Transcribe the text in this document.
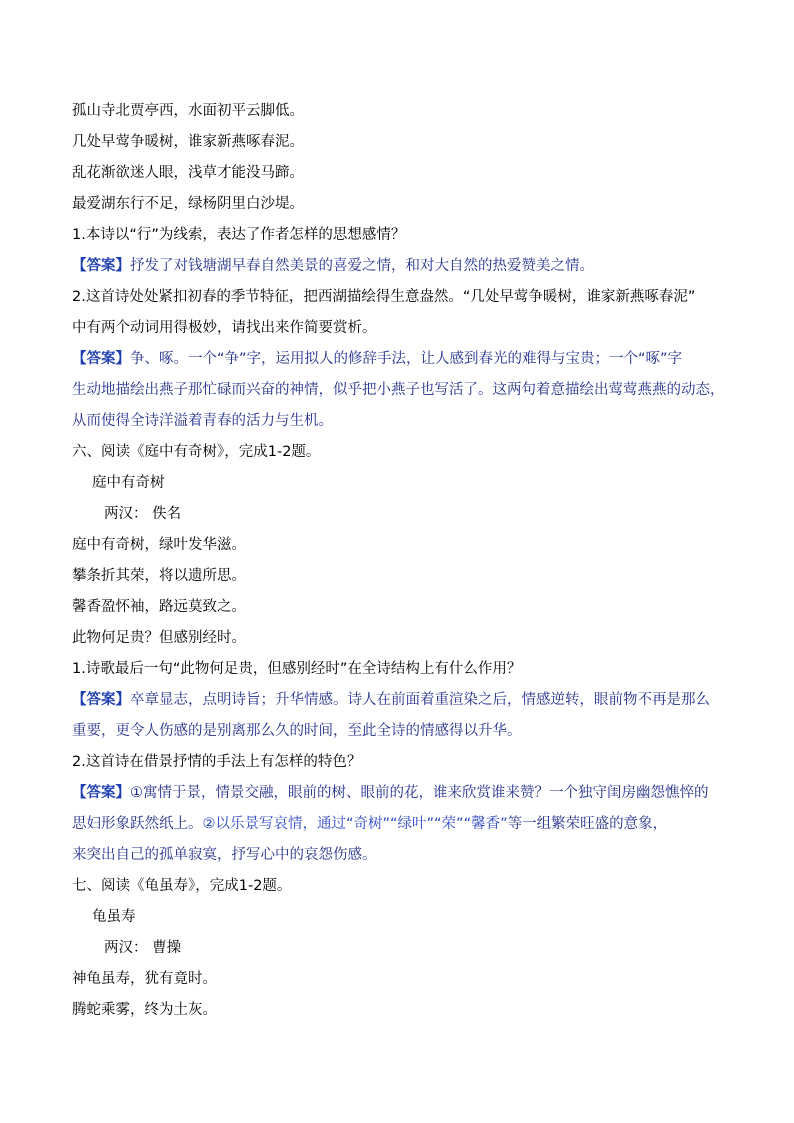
孤山寺北贾亭西，水面初平云脚低。
几处早莺争暖树，谁家新燕啄春泥。
乱花渐欲迷人眼，浅草才能没马蹄。
最爱湖东行不足，绿杨阴里白沙堤。
1.本诗以“行”为线索，表达了作者怎样的思想感情？
【答案】抒发了对钱塘湖早春自然美景的喜爱之情，和对大自然的热爱赞美之情。
2.这首诗处处紧扣初春的季节特征，把西湖描绘得生意盎然。“几处早莺争暖树，谁家新燕啄春泥”
中有两个动词用得极妙，请找出来作简要赏析。
【答案】争、啄。一个“争”字，运用拟人的修辞手法，让人感到春光的难得与宝贵；一个“啄”字
生动地描绘出燕子那忙碌而兴奋的神情，似乎把小燕子也写活了。这两句着意描绘出莺莺燕燕的动态，
从而使得全诗洋溢着青春的活力与生机。
六、阅读《庭中有奇树》，完成1-2题。
庭中有奇树
两汉： 佚名
庭中有奇树，绿叶发华滋。
攀条折其荣，将以遗所思。
馨香盈怀袖，路远莫致之。
此物何足贵？但感别经时。
1.诗歌最后一句“此物何足贵，但感别经时”在全诗结构上有什么作用？
【答案】卒章显志，点明诗旨；升华情感。诗人在前面着重渲染之后，情感逆转，眼前物不再是那么
重要，更令人伤感的是别离那么久的时间，至此全诗的情感得以升华。
2.这首诗在借景抒情的手法上有怎样的特色？
【答案】①寓情于景，情景交融，眼前的树、眼前的花，谁来欣赏谁来赞？一个独守闺房幽怨憔悴的
思妇形象跃然纸上。②以乐景写哀情，通过“奇树”“绿叶”“荣”“馨香”等一组繁荣旺盛的意象，
来突出自己的孤单寂寞，抒写心中的哀怨伤感。
七、阅读《龟虽寿》，完成1-2题。
龟虽寿
两汉： 曹操
神龟虽寿，犹有竟时。
腾蛇乘雾，终为土灰。
